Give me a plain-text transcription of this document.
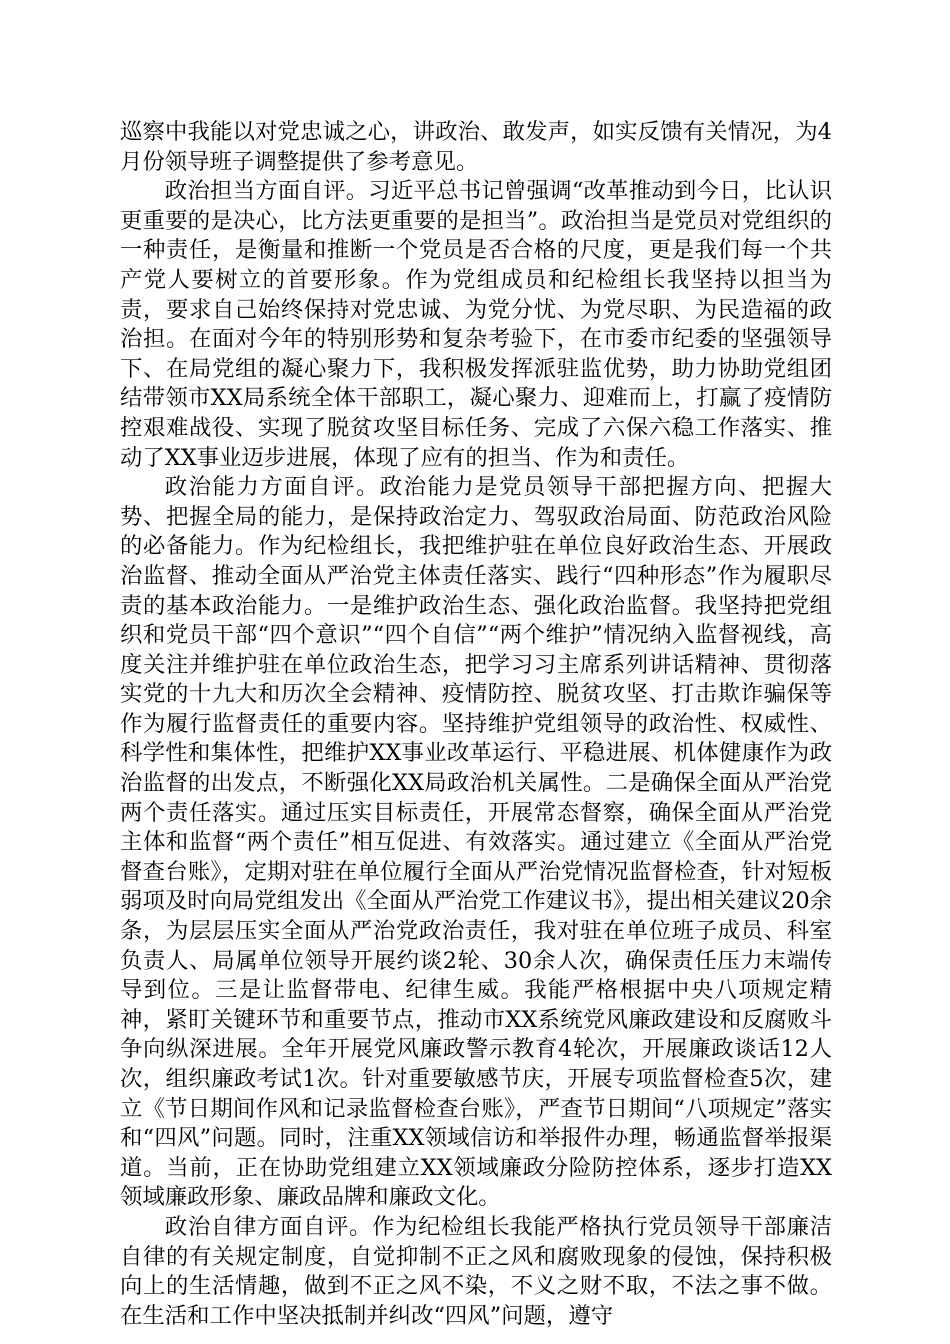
巡察中我能以对党忠诚之心，讲政治、敢发声，如实反馈有关情况，为4月份领导班子调整提供了参考意见。

政治担当方面自评。习近平总书记曾强调“改革推动到今日，比认识更重要的是决心，比方法更重要的是担当”。政治担当是党员对党组织的一种责任，是衡量和推断一个党员是否合格的尺度，更是我们每一个共产党人要树立的首要形象。作为党组成员和纪检组长我坚持以担当为责，要求自己始终保持对党忠诚、为党分忧、为党尽职、为民造福的政治担。在面对今年的特别形势和复杂考验下，在市委市纪委的坚强领导下、在局党组的凝心聚力下，我积极发挥派驻监优势，助力协助党组团结带领市XX局系统全体干部职工，凝心聚力、迎难而上，打赢了疫情防控艰难战役、实现了脱贫攻坚目标任务、完成了六保六稳工作落实、推动了XX事业迈步进展，体现了应有的担当、作为和责任。

政治能力方面自评。政治能力是党员领导干部把握方向、把握大势、把握全局的能力，是保持政治定力、驾驭政治局面、防范政治风险的必备能力。作为纪检组长，我把维护驻在单位良好政治生态、开展政治监督、推动全面从严治党主体责任落实、践行“四种形态”作为履职尽责的基本政治能力。一是维护政治生态、强化政治监督。我坚持把党组织和党员干部“四个意识”“四个自信”“两个维护”情况纳入监督视线，高度关注并维护驻在单位政治生态，把学习习主席系列讲话精神、贯彻落实党的十九大和历次全会精神、疫情防控、脱贫攻坚、打击欺诈骗保等作为履行监督责任的重要内容。坚持维护党组领导的政治性、权威性、科学性和集体性，把维护XX事业改革运行、平稳进展、机体健康作为政治监督的出发点，不断强化XX局政治机关属性。二是确保全面从严治党两个责任落实。通过压实目标责任，开展常态督察，确保全面从严治党主体和监督“两个责任”相互促进、有效落实。通过建立《全面从严治党督查台账》，定期对驻在单位履行全面从严治党情况监督检查，针对短板弱项及时向局党组发出《全面从严治党工作建议书》，提出相关建议20余条，为层层压实全面从严治党政治责任，我对驻在单位班子成员、科室负责人、局属单位领导开展约谈2轮、30余人次，确保责任压力末端传导到位。三是让监督带电、纪律生威。我能严格根据中央八项规定精神，紧盯关键环节和重要节点，推动市XX系统党风廉政建设和反腐败斗争向纵深进展。全年开展党风廉政警示教育4轮次，开展廉政谈话12人次，组织廉政考试1次。针对重要敏感节庆，开展专项监督检查5次，建立《节日期间作风和记录监督检查台账》，严查节日期间“八项规定”落实和“四风”问题。同时，注重XX领域信访和举报件办理，畅通监督举报渠道。当前，正在协助党组建立XX领域廉政分险防控体系，逐步打造XX领域廉政形象、廉政品牌和廉政文化。

政治自律方面自评。作为纪检组长我能严格执行党员领导干部廉洁自律的有关规定制度，自觉抑制不正之风和腐败现象的侵蚀，保持积极向上的生活情趣，做到不正之风不染，不义之财不取，不法之事不做。在生活和工作中坚决抵制并纠改“四风”问题，遵守
